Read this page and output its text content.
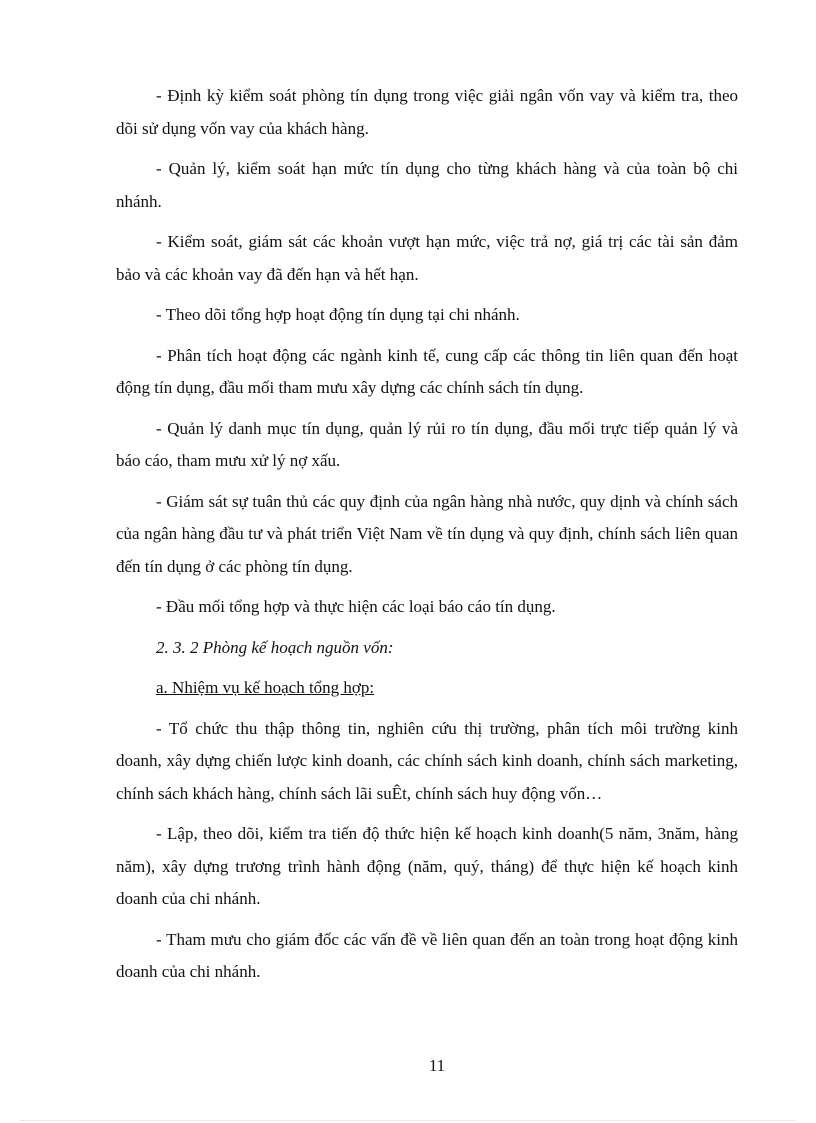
- Định kỳ kiểm soát phòng tín dụng trong việc giải ngân vốn vay và kiểm tra, theo dõi sử dụng vốn vay của khách hàng.

- Quản lý, kiểm soát hạn mức tín dụng cho từng khách hàng và của toàn bộ chi nhánh.

- Kiểm soát, giám sát các khoản vượt hạn mức, việc trả nợ, giá trị các tài sản đảm bảo và các khoản vay đã đến hạn và hết hạn.

- Theo dõi tổng hợp hoạt động tín dụng tại chi nhánh.

- Phân tích hoạt động các ngành kinh tế, cung cấp các thông tin liên quan đến hoạt động tín dụng, đầu mối tham mưu xây dựng các chính sách tín dụng.

- Quản lý danh mục tín dụng, quản lý rủi ro tín dụng, đầu mối trực tiếp quản lý và báo cáo, tham mưu xử lý nợ xấu.

- Giám sát sự tuân thủ các quy định của ngân hàng nhà nước, quy dịnh và chính sách của ngân hàng đầu tư và phát triển Việt Nam về tín dụng và quy định, chính sách liên quan đến tín dụng ở các phòng tín dụng.

- Đầu mối tổng hợp và thực hiện các loại báo cáo tín dụng.

2. 3. 2 Phòng kế hoạch nguồn vốn:

a. Nhiệm vụ kế hoạch tổng hợp:

- Tổ chức thu thập thông tin, nghiên cứu thị trường, phân tích môi trường kinh doanh, xây dựng chiến lược kinh doanh, các chính sách kinh doanh, chính sách marketing, chính sách khách hàng, chính sách lãi suÊt, chính sách huy động vốn…

- Lập, theo dõi, kiểm tra tiến độ thức hiện kế hoạch kinh doanh(5 năm, 3năm, hàng năm), xây dựng trương trình hành động (năm, quý, tháng) để thực hiện kế hoạch kinh doanh của chi nhánh.

- Tham mưu cho giám đốc các vấn đề về liên quan đến an toàn trong hoạt động kinh doanh của chi nhánh.

11
